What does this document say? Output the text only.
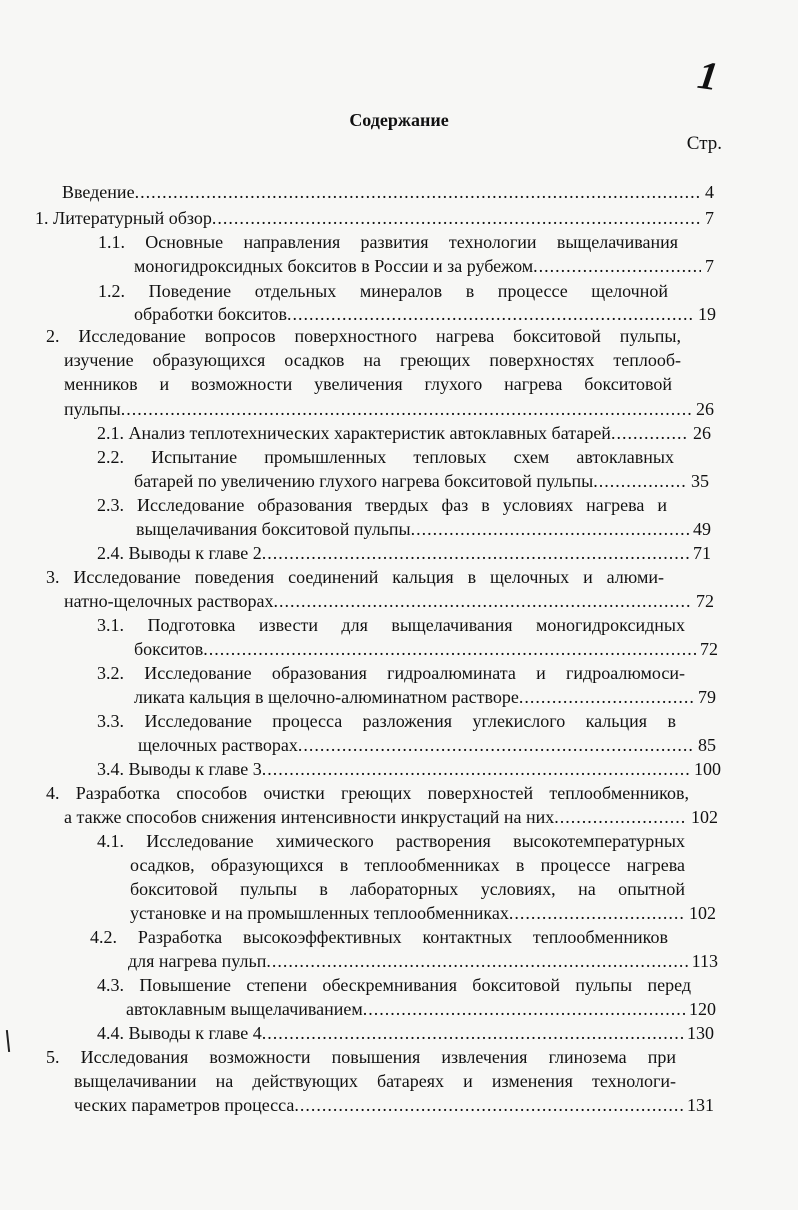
1
Содержание
Стр.
Введение .....	4
1. Литературный обзор .....	7
1.1. Основные направления развития технологии выщелачивания
моногидроксидных бокситов в России и за рубежом .....	7
1.2. Поведение отдельных минералов в процессе щелочной
обработки бокситов .....	19
2. Исследование вопросов поверхностного нагрева бокситовой пульпы,
изучение образующихся осадков на греющих поверхностях теплооб-
менников и возможности увеличения глухого нагрева бокситовой
пульпы .....	26
2.1. Анализ теплотехнических характеристик автоклавных батарей .....	26
2.2. Испытание промышленных тепловых схем автоклавных
батарей по увеличению глухого нагрева бокситовой пульпы .....	35
2.3. Исследование образования твердых фаз в условиях нагрева и
выщелачивания бокситовой пульпы .....	49
2.4. Выводы к главе 2 .....	71
3. Исследование поведения соединений кальция в щелочных и алюми-
натно-щелочных растворах .....	72
3.1. Подготовка извести для выщелачивания моногидроксидных
бокситов .....	72
3.2. Исследование образования гидроалюмината и гидроалюмоси-
ликата кальция в щелочно-алюминатном растворе .....	79
3.3. Исследование процесса разложения углекислого кальция в
щелочных растворах .....	85
3.4. Выводы к главе 3 .....	100
4. Разработка способов очистки греющих поверхностей теплообменников,
а также способов снижения интенсивности инкрустаций на них .....	102
4.1. Исследование химического растворения высокотемпературных
осадков, образующихся в теплообменниках в процессе нагрева
бокситовой пульпы в лабораторных условиях, на опытной
установке и на промышленных теплообменниках .....	102
4.2. Разработка высокоэффективных контактных теплообменников
для нагрева пульп .....	113
4.3. Повышение степени обескремнивания бокситовой пульпы перед
автоклавным выщелачиванием .....	120
4.4. Выводы к главе 4 .....	130
5. Исследования возможности повышения извлечения глинозема при
выщелачивании на действующих батареях и изменения технологи-
ческих параметров процесса .....	131
